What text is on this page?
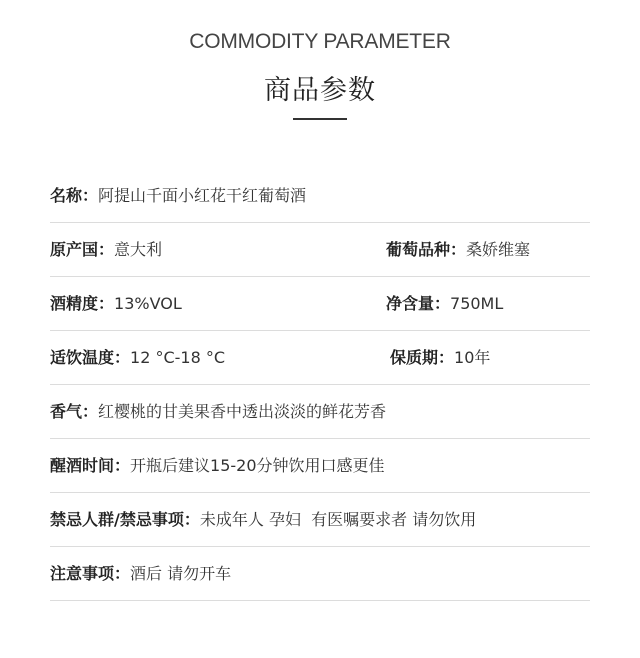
COMMODITY PARAMETER
商品参数
名称：阿提山千面小红花干红葡萄酒
原产国：意大利	葡萄品种：桑娇维塞
酒精度：13%VOL	净含量：750ML
适饮温度：12 °C-18 °C	保质期：10年
香气：红樱桃的甘美果香中透出淡淡的鲜花芳香
醒酒时间：开瓶后建议15-20分钟饮用口感更佳
禁忌人群/禁忌事项：未成年人 孕妇  有医嘱要求者 请勿饮用
注意事项：酒后 请勿开车
